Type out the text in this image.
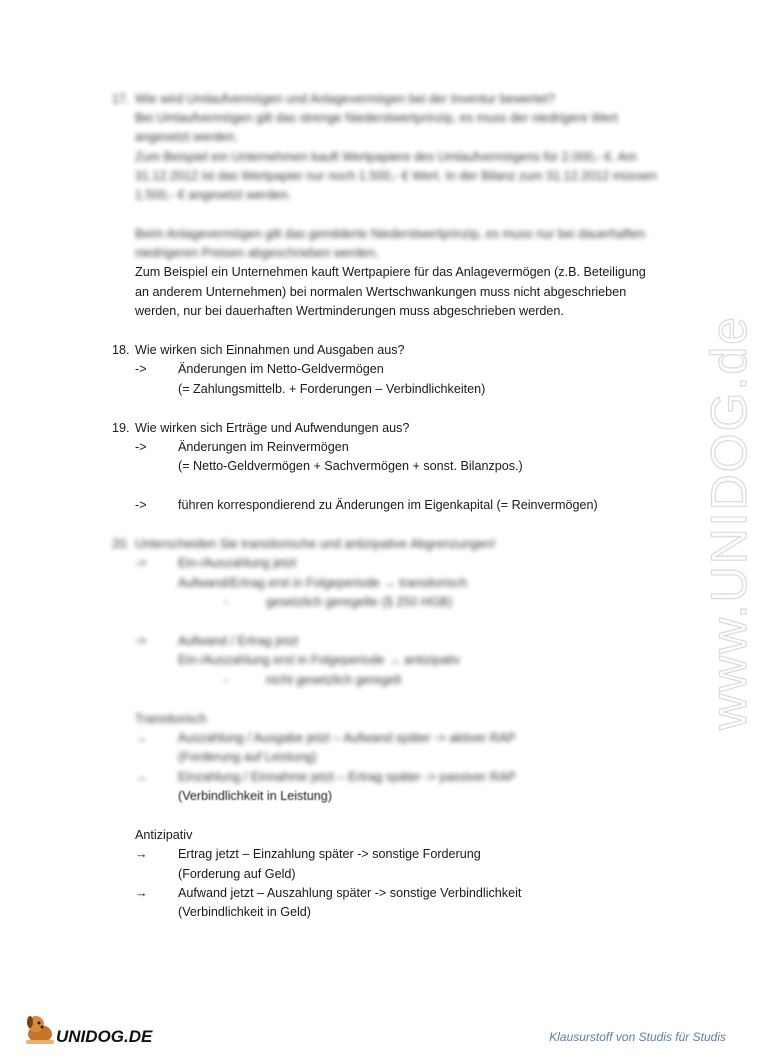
17. Wie wird Umlaufvermögen und Anlagevermögen bei der Inventur bewertet?
Bei Umlaufvermögen gilt das strenge Niederstwertprinzip, es muss der niedrigere Wert
angesetzt werden.
Zum Beispiel ein Unternehmen kauft Wertpapiere des Umlaufvermögens für 2.000,- €. Am
31.12.2012 ist das Wertpapier nur noch 1.500,- € Wert. In der Bilanz zum 31.12.2012 müssen
1.500,- € angesetzt werden.
Beim Anlagevermögen gilt das gemilderte Niederstwertprinzip, es muss nur bei dauerhaften
niedrigeren Preisen abgeschrieben werden.
Zum Beispiel ein Unternehmen kauft Wertpapiere für das Anlagevermögen (z.B. Beteiligung
an anderem Unternehmen) bei normalen Wertschwankungen muss nicht abgeschrieben
werden, nur bei dauerhaften Wertminderungen muss abgeschrieben werden.
18. Wie wirken sich Einnahmen und Ausgaben aus?
-> Änderungen im Netto-Geldvermögen
(= Zahlungsmittelb. + Forderungen – Verbindlichkeiten)
19. Wie wirken sich Erträge und Aufwendungen aus?
-> Änderungen im Reinvermögen
(= Netto-Geldvermögen + Sachvermögen + sonst. Bilanzpos.)
-> führen korrespondierend zu Änderungen im Eigenkapital (= Reinvermögen)
20. Unterscheiden Sie transitorische und antizipative Abgrenzungen!
-> Ein-/Auszahlung jetzt
Aufwand/Ertrag erst in Folgeperiode → transitorisch
-	gesetzlich geregelte (§ 250 HGB)
-> Aufwand / Ertrag jetzt
Ein-/Auszahlung erst in Folgeperiode → antizipativ
-	nicht gesetzlich geregelt
Transitorisch
→ Auszahlung / Ausgabe jetzt – Aufwand später -> aktiver RAP
(Forderung auf Leistung)
→ Einzahlung / Einnahme jetzt – Ertrag später -> passiver RAP
(Verbindlichkeit in Leistung)
Antizipativ
→ Ertrag jetzt – Einzahlung später -> sonstige Forderung
(Forderung auf Geld)
→ Aufwand jetzt – Auszahlung später -> sonstige Verbindlichkeit
(Verbindlichkeit in Geld)
www.UNIDOG.de
UNIDOG.DE	Klausurstoff von Studis für Studis
